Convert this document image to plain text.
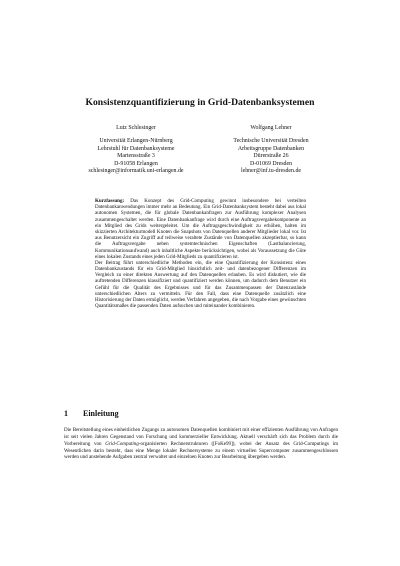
Konsistenzquantifizierung in Grid-Datenbanksystemen
Lutz Schlesinger
Universität Erlangen-Nürnberg
Lehrstuhl für Datenbanksysteme
Martensstraße 3
D-91058 Erlangen
schlesinger@informatik.uni-erlangen.de
Wolfgang Lehner
Technische Universität Dresden
Arbeitsgruppe Datenbanken
Dürerstraße 26
D-01069 Dresden
lehner@inf.tu-dresden.de

Kurzfassung: Das Konzept des Grid-Computing gewinnt insbesondere bei verteilten Datenbankanwendungen immer mehr an Bedeutung. Ein Grid-Datenbanksystem besteht dabei aus lokal autonomen Systemen, die für globale Datenbankanfragen zur Ausführung komplexer Analysen zusammengeschaltet werden. Eine Datenbankanfrage wird durch eine Auftragsvergabekomponente an ein Mitglied des Grids weitergeleitet. Um die Auftragsgeschwindigkeit zu erhöhen, halten im skizzierten Architekturmodell Knoten die Snapshots von Datenquellen anderer Mitglieder lokal vor. Ist aus Benutzersicht ein Zugriff auf teilweise veraltete Zustände von Datenquellen akzeptierbar, so kann die Auftragsvergabe neben systemtechnischen Eigenschaften (Lastbalancierung, Kommunikationsaufwand) auch inhaltliche Aspekte berücksichtigen, wobei als Voraussetzung die Güte eines lokalen Zustands eines jeden Grid-Mitglieds zu quantifizieren ist.

Der Beitrag führt unterschiedliche Methoden ein, die eine Quantifizierung der Konsistenz eines Datenbankzustands für ein Grid-Mitglied hinsichtlich zeit- und datenbezogener Differenzen im Vergleich zu einer direkten Auswertung auf den Datenquellen erlauben. Es wird diskutiert, wie die auftretenden Differenzen klassifiziert und quantifiziert werden können, um dadurch dem Benutzer ein Gefühl für die Qualität des Ergebnisses und für das Zusammenpassen der Datenzustände unterschiedlichen Alters zu vermitteln. Für den Fall, dass eine Datenquelle zusätzlich eine Historisierung der Daten ermöglicht, werden Verfahren angegeben, die nach Vorgabe eines gewünschten Quantitätsmaßes die passenden Daten aufsuchen und miteinander kombinieren.

1 Einleitung

Die Bereitstellung eines einheitlichen Zugangs zu autonomen Datenquellen kombiniert mit einer effizienten Ausführung von Anfragen ist seit vielen Jahren Gegenstand von Forschung und kommerzieller Entwicklung. Aktuell verschärft sich das Problem durch die Vorbereitung von Grid-Computing-organisierten Rechnerstrukturen ([FoKe99]), wobei der Ansatz des Grid-Computings im Wesentlichen darin besteht, dass eine Menge lokaler Rechnersysteme zu einem virtuellen Supercomputer zusammengeschlossen werden und anstehende Aufgaben zentral verwaltet und einzelnen Knoten zur Bearbeitung übergeben werden.
